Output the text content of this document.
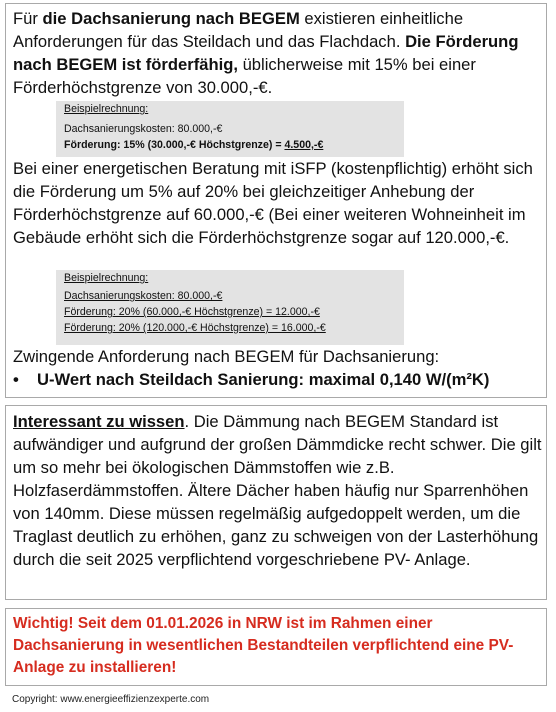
Für die Dachsanierung nach BEGEM existieren einheitliche Anforderungen für das Steildach und das Flachdach. Die Förderung nach BEGEM ist förderfähig, üblicherweise mit 15% bei einer Förderhöchstgrenze von 30.000,-€.
Beispielrechnung:
Dachsanierungskosten: 80.000,-€
Förderung: 15% (30.000,-€ Höchstgrenze) = 4.500,-€
Bei einer energetischen Beratung mit iSFP (kostenpflichtig) erhöht sich die Förderung um 5% auf 20% bei gleichzeitiger Anhebung der Förderhöchstgrenze auf 60.000,-€ (Bei einer weiteren Wohneinheit im Gebäude erhöht sich die Förderhöchstgrenze sogar auf 120.000,-€.
Beispielrechnung:
Dachsanierungskosten: 80.000,-€
Förderung: 20% (60.000,-€ Höchstgrenze) = 12.000,-€
Förderung: 20% (120.000,-€ Höchstgrenze) = 16.000,-€
Zwingende Anforderung nach BEGEM für Dachsanierung:
• U-Wert nach Steildach Sanierung: maximal 0,140 W/(m²K)
Interessant zu wissen. Die Dämmung nach BEGEM Standard ist aufwändiger und aufgrund der großen Dämmdicke recht schwer. Die gilt um so mehr bei ökologischen Dämmstoffen wie z.B. Holzfaserdämmstoffen. Ältere Dächer haben häufig nur Sparrenhöhen von 140mm. Diese müssen regelmäßig aufgedoppelt werden, um die Traglast deutlich zu erhöhen, ganz zu schweigen von der Lasterhöhung durch die seit 2025 verpflichtend vorgeschriebene PV- Anlage.
Wichtig! Seit dem 01.01.2026 in NRW ist im Rahmen einer Dachsanierung in wesentlichen Bestandteilen verpflichtend eine PV-Anlage zu installieren!
Copyright: www.energieeffizienzexperte.com
